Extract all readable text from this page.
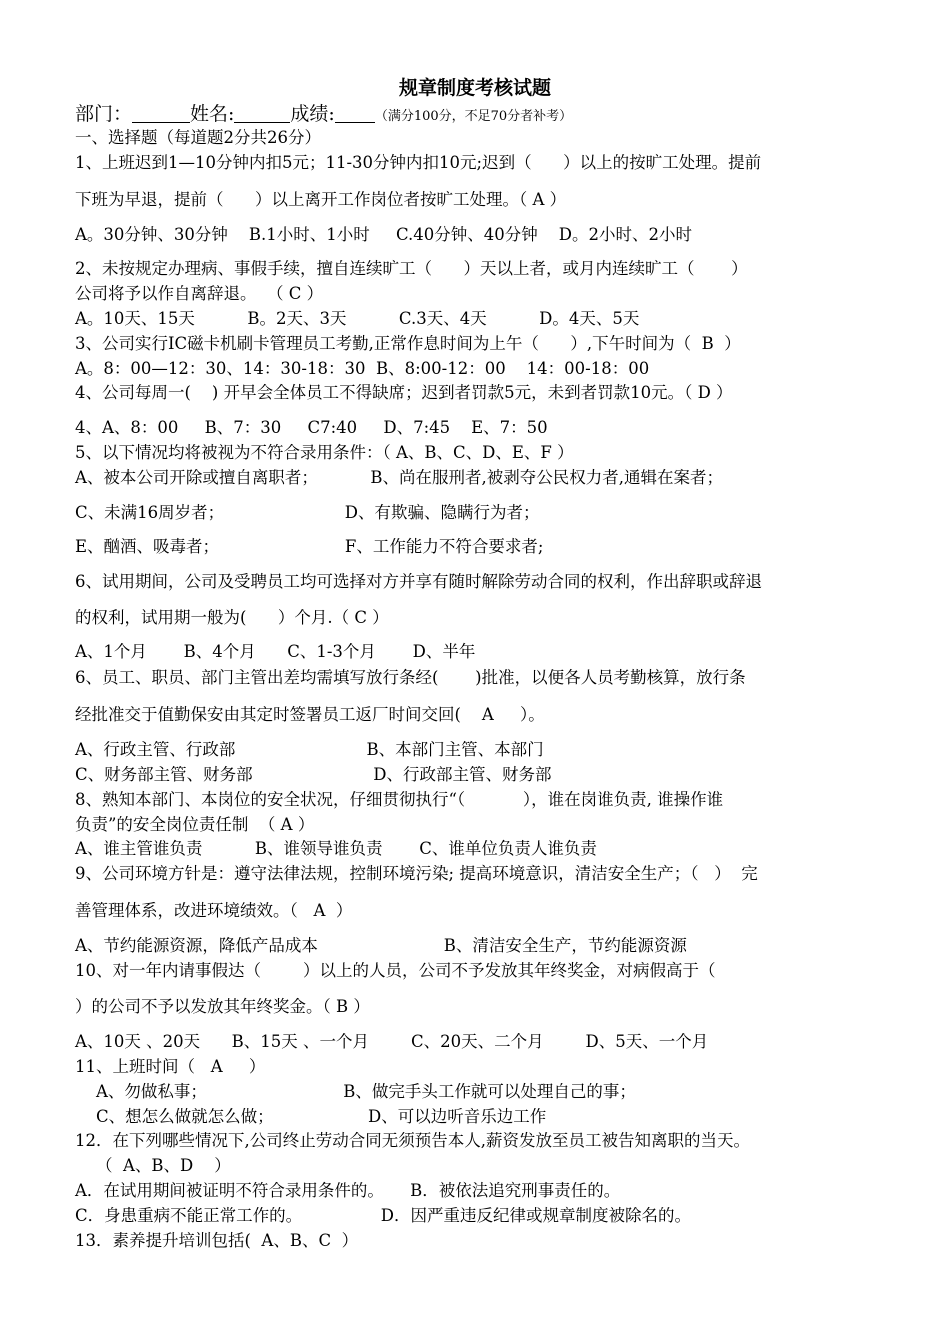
规章制度考核试题
部门：	姓名:	成绩:	（满分100分，不足70分者补考）
一、选择题（每道题2分共26分）
1、上班迟到1—10分钟内扣5元；11-30分钟内扣10元;迟到（      ）以上的按旷工处理。提前
下班为早退，提前（      ）以上离开工作岗位者按旷工处理。（ A ）
A。30分钟、30分钟    B.1小时、1小时     C.40分钟、40分钟    D。2小时、2小时
2、未按规定办理病、事假手续，擅自连续旷工（      ）天以上者，或月内连续旷工（       ）
公司将予以作自离辞退。  （ C ）
A。10天、15天          B。2天、3天          C.3天、4天          D。4天、5天
3、公司实行IC磁卡机刷卡管理员工考勤,正常作息时间为上午（      ）,下午时间为（  B  ）
A。8：00—12：30、14：30-18：30  B、8:00-12：00    14：00-18：00
4、公司每周一(    ) 开早会全体员工不得缺席；迟到者罚款5元，未到者罚款10元。（ D ）
4、A、8：00     B、7：30     C7:40     D、7:45    E、7：50
5、以下情况均将被视为不符合录用条件：（ A、B、C、D、E、F ）
A、被本公司开除或擅自离职者；          B、尚在服刑者,被剥夺公民权力者,通辑在案者；
C、未满16周岁者；                       D、有欺骗、隐瞒行为者；
E、酗酒、吸毒者；                        F、工作能力不符合要求者;
6、试用期间，公司及受聘员工均可选择对方并享有随时解除劳动合同的权利，作出辞职或辞退
的权利，试用期一般为(      ）个月.（ C ）
A、1个月       B、4个月      C、1-3个月       D、半年
6、员工、职员、部门主管出差均需填写放行条经(       )批准，以便各人员考勤核算，放行条
经批准交于值勤保安由其定时签署员工返厂时间交回(    A     ）。
A、行政主管、行政部                         B、本部门主管、本部门
C、财务部主管、财务部                       D、行政部主管、财务部
8、熟知本部门、本岗位的安全状况，仔细贯彻执行“（           ），谁在岗谁负责, 谁操作谁
负责”的安全岗位责任制  （ A ）
A、谁主管谁负责          B、谁领导谁负责       C、谁单位负责人谁负责
9、公司环境方针是：遵守法律法规，控制环境污染; 提高环境意识，清洁安全生产；（   ）  完
善管理体系，改进环境绩效。（   A  ）
A、节约能源资源，降低产品成本                        B、清洁安全生产，节约能源资源
10、对一年内请事假达（        ）以上的人员，公司不予发放其年终奖金，对病假高于（
）的公司不予以发放其年终奖金。（ B ）
A、10天 、20天      B、15天 、一个月        C、20天、二个月        D、5天、一个月
11、上班时间（   A     ）
A、勿做私事；                          B、做完手头工作就可以处理自己的事；
C、想怎么做就怎么做；                  D、可以边听音乐边工作
12．在下列哪些情况下,公司终止劳动合同无须预告本人,薪资发放至员工被告知离职的当天。
（  A、B、D    ）
A．在试用期间被证明不符合录用条件的。     B．被依法追究刑事责任的。
C．身患重病不能正常工作的。               D．因严重违反纪律或规章制度被除名的。
13．素养提升培训包括(  A、B、C  ）
